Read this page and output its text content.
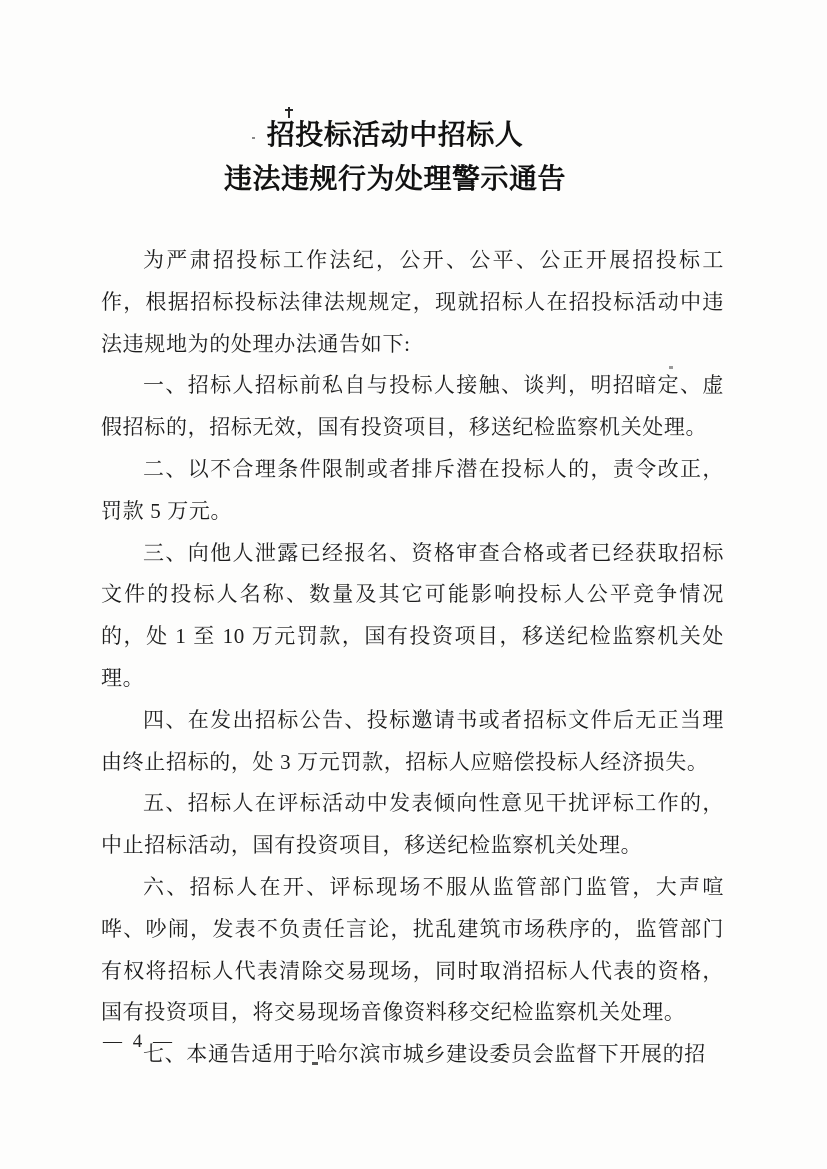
招投标活动中招标人
违法违规行为处理警示通告

为严肃招投标工作法纪，公开、公平、公正开展招投标工作，根据招标投标法律法规规定，现就招标人在招投标活动中违法违规地为的处理办法通告如下:

一、招标人招标前私自与投标人接触、谈判，明招暗定、虚假招标的，招标无效，国有投资项目，移送纪检监察机关处理。

二、以不合理条件限制或者排斥潜在投标人的，责令改正，罚款 5 万元。

三、向他人泄露已经报名、资格审查合格或者已经获取招标文件的投标人名称、数量及其它可能影响投标人公平竞争情况的，处 1 至 10 万元罚款，国有投资项目，移送纪检监察机关处理。

四、在发出招标公告、投标邀请书或者招标文件后无正当理由终止招标的，处 3 万元罚款，招标人应赔偿投标人经济损失。

五、招标人在评标活动中发表倾向性意见干扰评标工作的，中止招标活动，国有投资项目，移送纪检监察机关处理。

六、招标人在开、评标现场不服从监管部门监管，大声喧哗、吵闹，发表不负责任言论，扰乱建筑市场秩序的，监管部门有权将招标人代表清除交易现场，同时取消招标人代表的资格，国有投资项目，将交易现场音像资料移交纪检监察机关处理。

七、本通告适用于哈尔滨市城乡建设委员会监督下开展的招

— 4 —
